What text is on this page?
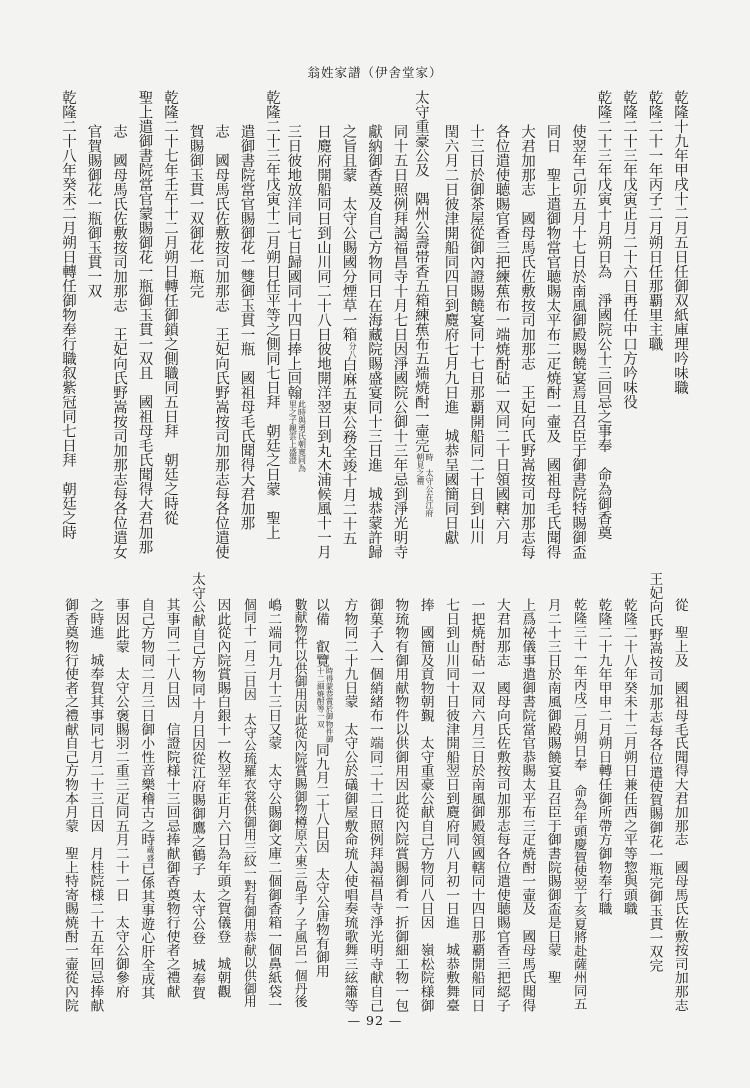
翁姓家譜（伊舍堂家）
乾隆十九年甲戌十二月五日任御双紙庫理吟味職
乾隆二十一年丙子二月朔日任那覇里主職
乾隆二十三年戊寅正月二十六日再任中口方吟味役
乾隆二十三年戊寅十月朔日為　淨國院公十三回忌之事奉　命為御香奠
使翌年己卯五月十七日於南風御殿賜饒宴焉且召臣于御書院特賜御盃
同日　聖上遣御物當官聴賜太平布二疋焼酎一壷及　國祖母毛氏聞得
大君加那志　國母馬氏佐敷按司加那志　王妃向氏野嵩按司加那志每
各位遣使聴賜官香三把練蕉布一端焼酎砧一双同二十日領國轄六月
十三日於御茶屋從御內證賜饒宴同十七日那覇開船同二十日到山川
閏六月二日彼津開船同四日到麑府七月九日進　城恭呈國簡同日獻
太守重豪公及　隅州公壽帯香五箱練蕉布五端焼酎一壷完
時　太守公在江府
朝見之禮
同十五日照例拜謁福昌寺十月七日因淨國院公御十三年忌到淨光明寺
獻納御香奠及自己方物同日在海藏院賜盛宴同十三日進　城恭蒙許歸
之旨且蒙　太守公賜國分煙草一箱
分八
白麻五束公務全竣十月二十五
日麑府開船同日到山川同二十八日彼地開洋翌日到丸木浦候風十一月
三日彼地放洋同七日歸國同十四日捧上回翰
此時與勇氏朝寛同為
里之子親雲上盛澄
乾隆二十三年戊寅十二月朔日任平等之側同七日拜　朝廷之日蒙　聖上
遣御書院當官賜御花一雙御玉貫一瓶　國祖母毛氏聞得大君加那
志　國母馬氏佐敷按司加那志　王妃向氏野嵩按司加那志每各位遣使
賀賜御玉貫一双御花一瓶完
乾隆二十七年壬午十二月朔日轉任御鎖之側職同五日拜　朝廷之時從
聖上遣御書院當官蒙賜御花一瓶御玉貫一双且　國祖母毛氏聞得大君加那
志　國母馬氏佐敷按司加那志　王妃向氏野嵩按司加那志每各位遣女
官賀賜御花一瓶御玉貫一双
乾隆二十八年癸未二月朔日轉任御物奉行職叙紫冠同七日拜　朝廷之時
從　聖上及　國祖母毛氏聞得大君加那志　國母馬氏佐敷按司加那志
王妃向氏野嵩按司加那志每各位遣使賀賜御花一瓶完御玉貫一双完
乾隆二十八年癸未十二月朔日兼任西之平等惣與頭職
乾隆二十九年甲申二月朔日轉任御所帶方御物奉行職
乾隆三十一年丙戌二月朔日奉　命為年頭慶賀使翌丁亥夏將赴薩州同五
月二十三日於南風御殿賜饒宴且召臣于御書院賜御盃是日蒙　聖
上爲祕儀事遣御書院當官恭賜太平布三疋焼酎一壷及　國母馬氏聞得
大君加那志　國母向氏佐敷按司加那志每各位遣使聴賜官香三把綛子
一把焼酎砧一双同六月三日於南風御殿領國轄同十四日那覇開船同日
七日到山川同十日彼津開船翌日到麑府同八月初一日進　城恭敷舞臺
捧　國簡及貢物朝覲　太守重豪公献自己方物同八日因　嶺松院様御
物琉物有御用献物件以供御用因此從內院賞賜御肴一折御細工物一包
御菓子入一個綃緒布一端同二十二日照例拜謁福昌寺淨光明寺献自己
方物同二十九日蒙　太守公於礒御屋敷命琉人使唱奏琉歌舞三絃簫等
以備　叡覽
時得蒙恭賞於御物件御
十二細焼酎等一双
同九月二十八日因　太守公唐物有御用
數献物件以供御用因此從內院賞賜御物樽原六東三島手ノ子風呂一個丹後
嶋二端同九月十三日又蒙　太守公賜御文庫二個御香箱一個鼻紙袋一
個同十一月二日因　太守公琉羅衣裳供御用三紋一對有御用恭献以供御用
因此從內院賞賜白銀十一枚翌年正月六日為年頭之賀儀登　城朝觀
太守公献自己方物同十月日因從江府賜御鷹之鶴子　太守公登　城奉賀
其事同二十八日因　信證院様十三回忌捧献御香奠物行使者之禮献
自己方物同二月三日御小性音樂稽古之時
蔵盛
已係其事遊心肝全成其
事因此蒙　太守公褒賜羽二重三疋同五月二十一日　太守公御參府
之時進　城奉賀其事同七月二十三日因　月桂院様二十五年回忌捧献
御香奠物行使者之禮献自己方物本月蒙　聖上特寄賜焼酎一壷從內院
— 92 —
